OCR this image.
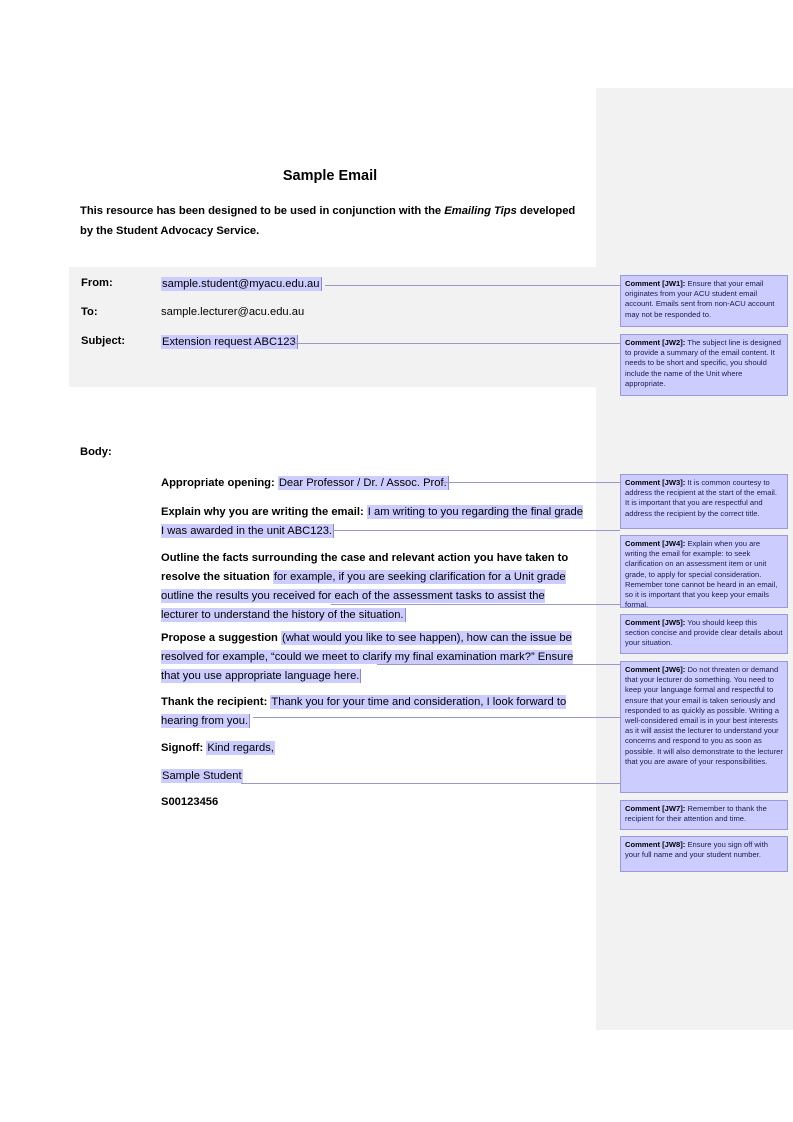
Sample Email
This resource has been designed to be used in conjunction with the Emailing Tips developed by the Student Advocacy Service.
From:	sample.student@myacu.edu.au
To:	sample.lecturer@acu.edu.au
Subject:	Extension request ABC123
Body:
Appropriate opening: Dear Professor / Dr. / Assoc. Prof.
Explain why you are writing the email: I am writing to you regarding the final grade I was awarded in the unit ABC123.
Outline the facts surrounding the case and relevant action you have taken to resolve the situation for example, if you are seeking clarification for a Unit grade outline the results you received for each of the assessment tasks to assist the lecturer to understand the history of the situation.
Propose a suggestion (what would you like to see happen), how can the issue be resolved for example, “could we meet to clarify my final examination mark?” Ensure that you use appropriate language here.
Thank the recipient: Thank you for your time and consideration, I look forward to hearing from you.
Signoff: Kind regards,
Sample Student
S00123456
Comment [JW1]: Ensure that your email originates from your ACU student email account. Emails sent from non-ACU account may not be responded to.
Comment [JW2]: The subject line is designed to provide a summary of the email content. It needs to be short and specific, you should include the name of the Unit where appropriate.
Comment [JW3]: It is common courtesy to address the recipient at the start of the email. It is important that you are respectful and address the recipient by the correct title.
Comment [JW4]: Explain when you are writing the email for example: to seek clarification on an assessment item or unit grade, to apply for special consideration. Remember tone cannot be heard in an email, so it is important that you keep your emails formal.
Comment [JW5]: You should keep this section concise and provide clear details about your situation.
Comment [JW6]: Do not threaten or demand that your lecturer do something. You need to keep your language formal and respectful to ensure that your email is taken seriously and responded to as quickly as possible. Writing a well-considered email is in your best interests as it will assist the lecturer to understand your concerns and respond to you as soon as possible. It will also demonstrate to the lecturer that you are aware of your responsibilities.
Comment [JW7]: Remember to thank the recipient for their attention and time.
Comment [JW8]: Ensure you sign off with your full name and your student number.
